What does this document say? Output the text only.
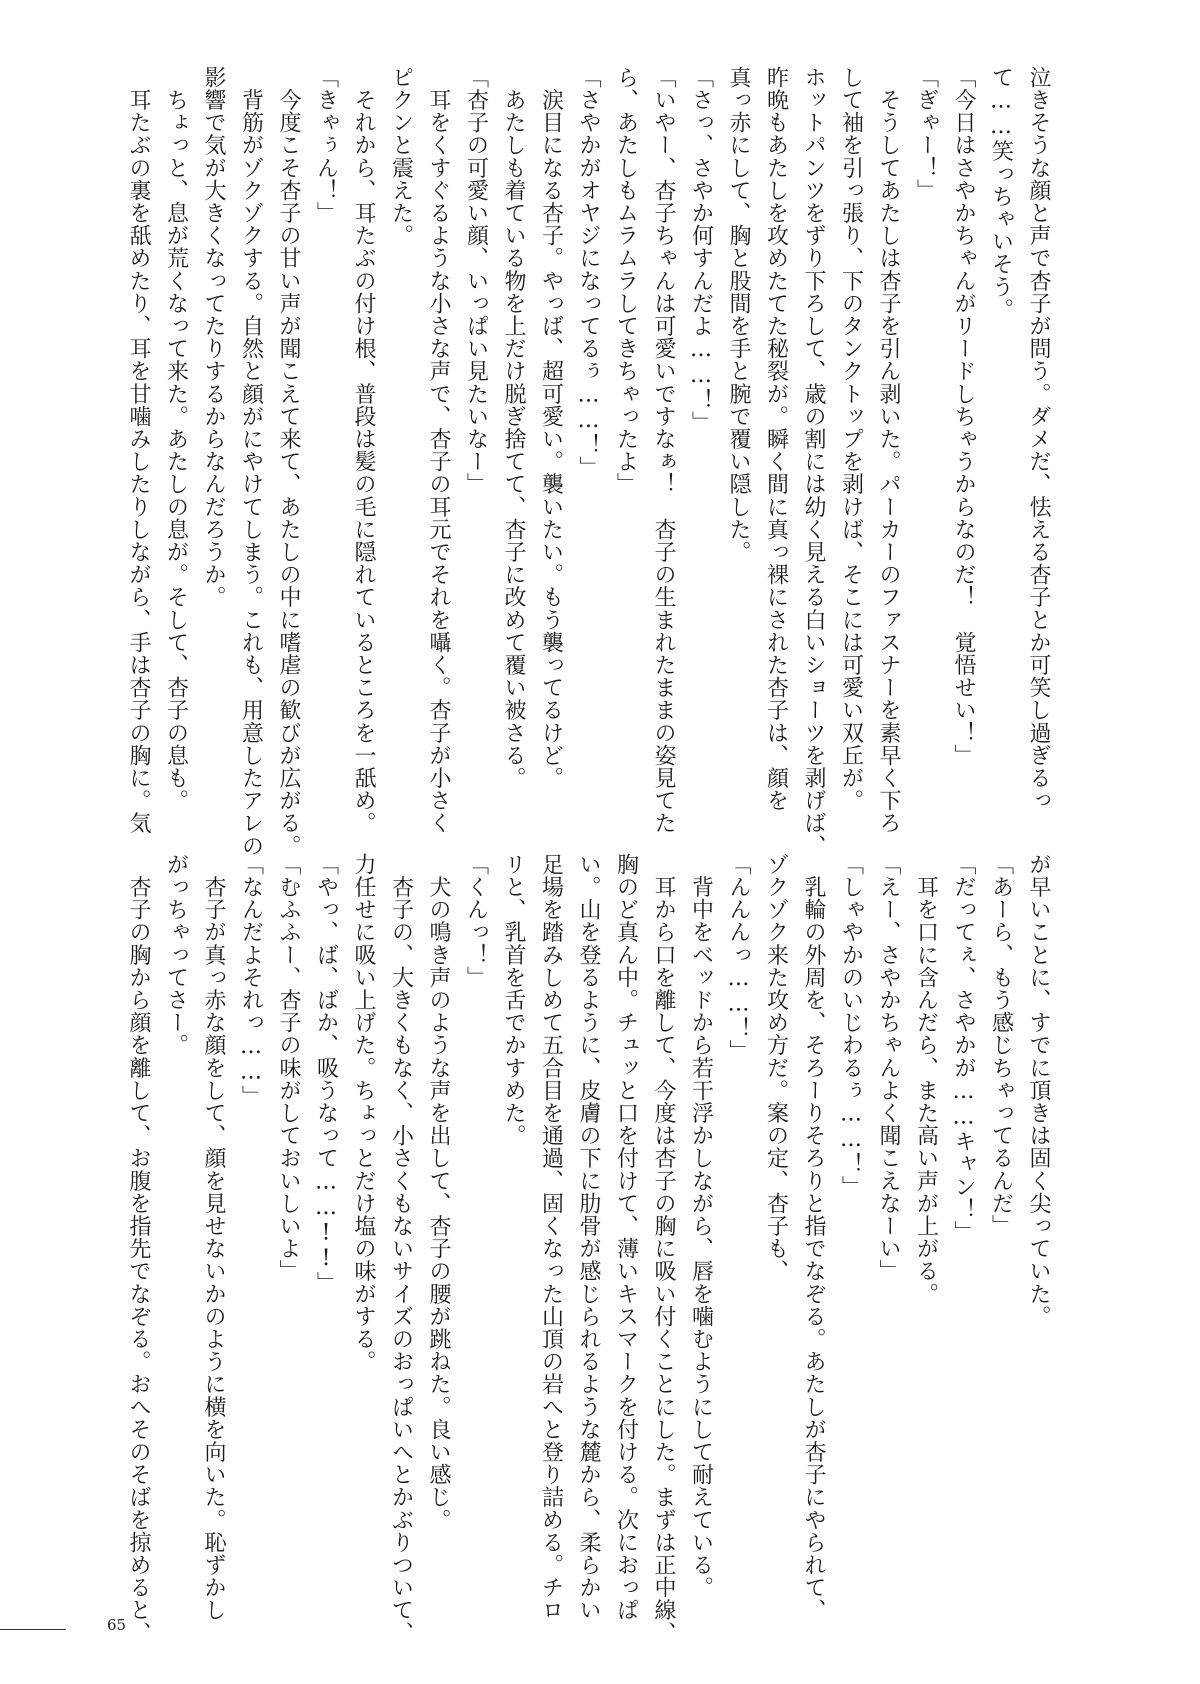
泣きそうな顔と声で杏子が問う。ダメだ、怯える杏子とか可笑し過ぎるっ
て……笑っちゃいそう。
「今日はさやかちゃんがリードしちゃうからなのだ！　覚悟せい！」
「ぎゃー！」
　そうしてあたしは杏子を引ん剥いた。パーカーのファスナーを素早く下ろ
して袖を引っ張り、下のタンクトップを剥けば、そこには可愛い双丘が。
ホットパンツをずり下ろして、歳の割には幼く見える白いショーツを剥げば、
昨晩もあたしを攻めたてた秘裂が。瞬く間に真っ裸にされた杏子は、顔を
真っ赤にして、胸と股間を手と腕で覆い隠した。
「さっ、さやか何すんだよ……！」
「いやー、杏子ちゃんは可愛いですなぁ！　杏子の生まれたままの姿見てた
ら、あたしもムラムラしてきちゃったよ」
「さやかがオヤジになってるぅ……！」
　涙目になる杏子。やっば、超可愛い。襲いたい。もう襲ってるけど。
　あたしも着ている物を上だけ脱ぎ捨てて、杏子に改めて覆い被さる。
「杏子の可愛い顔、いっぱい見たいなー」
　耳をくすぐるような小さな声で、杏子の耳元でそれを囁く。杏子が小さく
ピクンと震えた。
　それから、耳たぶの付け根、普段は髪の毛に隠れているところを一舐め。
「きゃぅん！」
　今度こそ杏子の甘い声が聞こえて来て、あたしの中に嗜虐の歓びが広がる。
　背筋がゾクゾクする。自然と顔がにやけてしまう。これも、用意したアレの
影響で気が大きくなってたりするからなんだろうか。
　ちょっと、息が荒くなって来た。あたしの息が。そして、杏子の息も。
　耳たぶの裏を舐めたり、耳を甘噛みしたりしながら、手は杏子の胸に。気
が早いことに、すでに頂きは固く尖っていた。
「あーら、もう感じちゃってるんだ」
「だってぇ、さやかが……キャン！」
　耳を口に含んだら、また高い声が上がる。
「えー、さやかちゃんよく聞こえなーい」
「しゃやかのいじわるぅ……！」
　乳輪の外周を、そろーりそろりと指でなぞる。あたしが杏子にやられて、
ゾクゾク来た攻め方だ。案の定、杏子も、
「んんんっ……！」
　背中をベッドから若干浮かしながら、唇を噛むようにして耐えている。
　耳から口を離して、今度は杏子の胸に吸い付くことにした。まずは正中線、
胸のど真ん中。チュッと口を付けて、薄いキスマークを付ける。次におっぱ
い。山を登るように、皮膚の下に肋骨が感じられるような麓から、柔らかい
足場を踏みしめて五合目を通過、固くなった山頂の岩へと登り詰める。チロ
リと、乳首を舌でかすめた。
「くんっ！」
　犬の鳴き声のような声を出して、杏子の腰が跳ねた。良い感じ。
　杏子の、大きくもなく、小さくもないサイズのおっぱいへとかぶりついて、
力任せに吸い上げた。ちょっとだけ塩の味がする。
「やっ、ば、ばか、吸うなって……!!」
「むふふー、杏子の味がしておいしいよ」
「なんだよそれっ……」
　杏子が真っ赤な顔をして、顔を見せないかのように横を向いた。恥ずかし
がっちゃってさー。
　杏子の胸から顔を離して、お腹を指先でなぞる。おへそのそばを掠めると、
65
